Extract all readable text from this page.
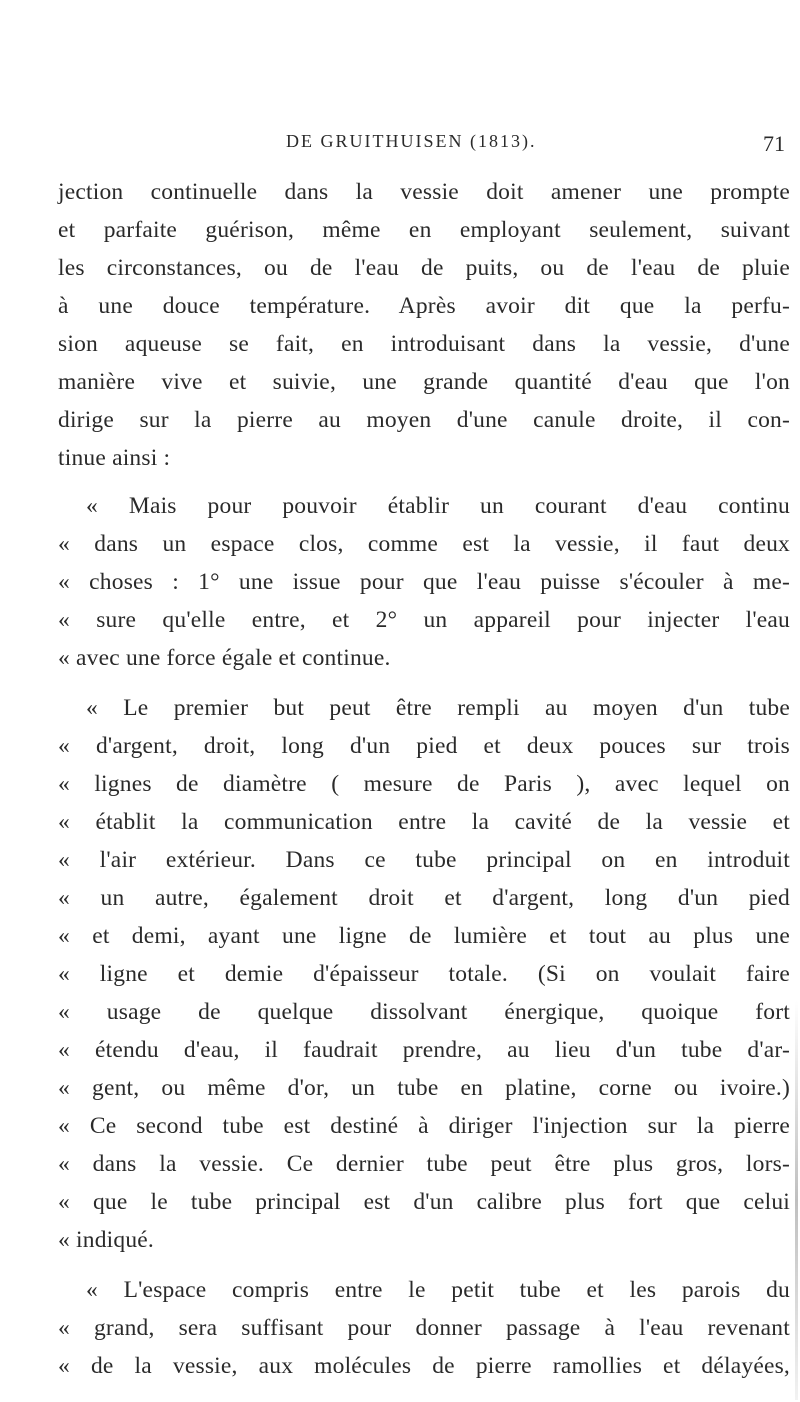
DE GRUITHUISEN (1813).	71
jection continuelle dans la vessie doit amener une prompte
et parfaite guérison, même en employant seulement, suivant
les circonstances, ou de l'eau de puits, ou de l'eau de pluie
à une douce température. Après avoir dit que la perfu-
sion aqueuse se fait, en introduisant dans la vessie, d'une
manière vive et suivie, une grande quantité d'eau que l'on
dirige sur la pierre au moyen d'une canule droite, il con-
tinue ainsi :
« Mais pour pouvoir établir un courant d'eau continu
« dans un espace clos, comme est la vessie, il faut deux
« choses : 1° une issue pour que l'eau puisse s'écouler à me-
« sure qu'elle entre, et 2° un appareil pour injecter l'eau
« avec une force égale et continue.
« Le premier but peut être rempli au moyen d'un tube
« d'argent, droit, long d'un pied et deux pouces sur trois
« lignes de diamètre ( mesure de Paris ), avec lequel on
« établit la communication entre la cavité de la vessie et
« l'air extérieur. Dans ce tube principal on en introduit
« un autre, également droit et d'argent, long d'un pied
« et demi, ayant une ligne de lumière et tout au plus une
« ligne et demie d'épaisseur totale. (Si on voulait faire
« usage de quelque dissolvant énergique, quoique fort
« étendu d'eau, il faudrait prendre, au lieu d'un tube d'ar-
« gent, ou même d'or, un tube en platine, corne ou ivoire.)
« Ce second tube est destiné à diriger l'injection sur la pierre
« dans la vessie. Ce dernier tube peut être plus gros, lors-
« que le tube principal est d'un calibre plus fort que celui
« indiqué.
« L'espace compris entre le petit tube et les parois du
« grand, sera suffisant pour donner passage à l'eau revenant
« de la vessie, aux molécules de pierre ramollies et délayées,
